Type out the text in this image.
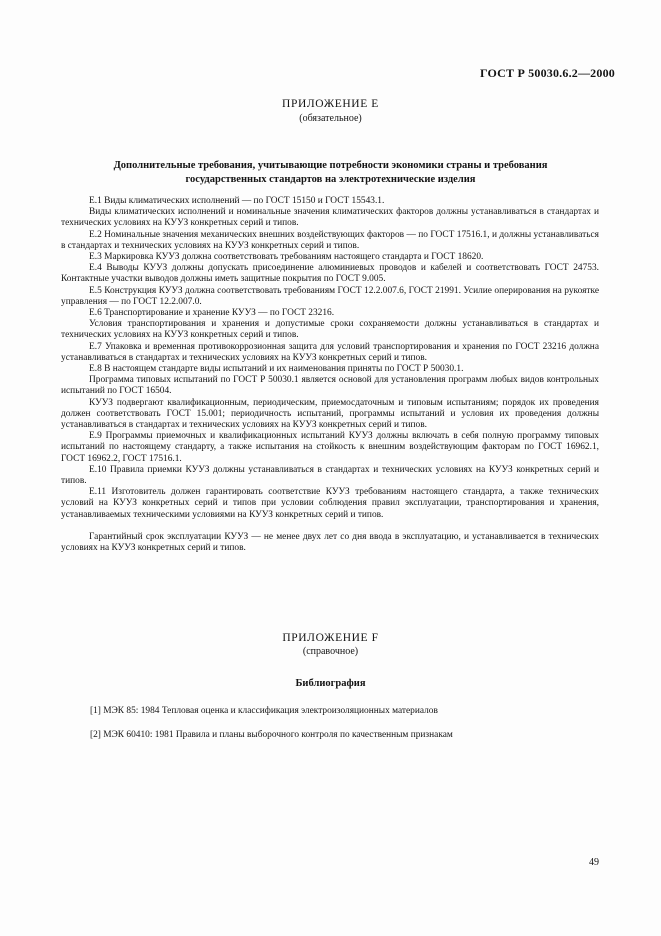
ГОСТ Р 50030.6.2—2000
ПРИЛОЖЕНИЕ Е
(обязательное)
Дополнительные требования, учитывающие потребности экономики страны и требования
государственных стандартов на электротехнические изделия

Е.1 Виды климатических исполнений — по ГОСТ 15150 и ГОСТ 15543.1.

Виды климатических исполнений и номинальные значения климатических факторов должны устанавливаться в стандартах и технических условиях на КУУЗ конкретных серий и типов.

Е.2 Номинальные значения механических внешних воздействующих факторов — по ГОСТ 17516.1, и должны устанавливаться в стандартах и технических условиях на КУУЗ конкретных серий и типов.

Е.3 Маркировка КУУЗ должна соответствовать требованиям настоящего стандарта и ГОСТ 18620.

Е.4 Выводы КУУЗ должны допускать присоединение алюминиевых проводов и кабелей и соответствовать ГОСТ 24753. Контактные участки выводов должны иметь защитные покрытия по ГОСТ 9.005.

Е.5 Конструкция КУУЗ должна соответствовать требованиям ГОСТ 12.2.007.6, ГОСТ 21991. Усилие оперирования на рукоятке управления — по ГОСТ 12.2.007.0.

Е.6 Транспортирование и хранение КУУЗ — по ГОСТ 23216.

Условия транспортирования и хранения и допустимые сроки сохраняемости должны устанавливаться в стандартах и технических условиях на КУУЗ конкретных серий и типов.

Е.7 Упаковка и временная противокоррозионная защита для условий транспортирования и хранения по ГОСТ 23216 должна устанавливаться в стандартах и технических условиях на КУУЗ конкретных серий и типов.

Е.8 В настоящем стандарте виды испытаний и их наименования приняты по ГОСТ Р 50030.1.

Программа типовых испытаний по ГОСТ Р 50030.1 является основой для установления программ любых видов контрольных испытаний по ГОСТ 16504.

КУУЗ подвергают квалификационным, периодическим, приемосдаточным и типовым испытаниям; порядок их проведения должен соответствовать ГОСТ 15.001; периодичность испытаний, программы испытаний и условия их проведения должны устанавливаться в стандартах и технических условиях на КУУЗ конкретных серий и типов.

Е.9 Программы приемочных и квалификационных испытаний КУУЗ должны включать в себя полную программу типовых испытаний по настоящему стандарту, а также испытания на стойкость к внешним воздействующим факторам по ГОСТ 16962.1, ГОСТ 16962.2, ГОСТ 17516.1.

Е.10 Правила приемки КУУЗ должны устанавливаться в стандартах и технических условиях на КУУЗ конкретных серий и типов.

Е.11 Изготовитель должен гарантировать соответствие КУУЗ требованиям настоящего стандарта, а также технических условий на КУУЗ конкретных серий и типов при условии соблюдения правил эксплуатации, транспортирования и хранения, устанавливаемых техническими условиями на КУУЗ конкретных серий и типов.

Гарантийный срок эксплуатации КУУЗ — не менее двух лет со дня ввода в эксплуатацию, и устанавливается в технических условиях на КУУЗ конкретных серий и типов.

ПРИЛОЖЕНИЕ F
(справочное)
Библиография
[1] МЭК 85: 1984 Тепловая оценка и классификация электроизоляционных материалов
[2] МЭК 60410: 1981 Правила и планы выборочного контроля по качественным признакам
49
